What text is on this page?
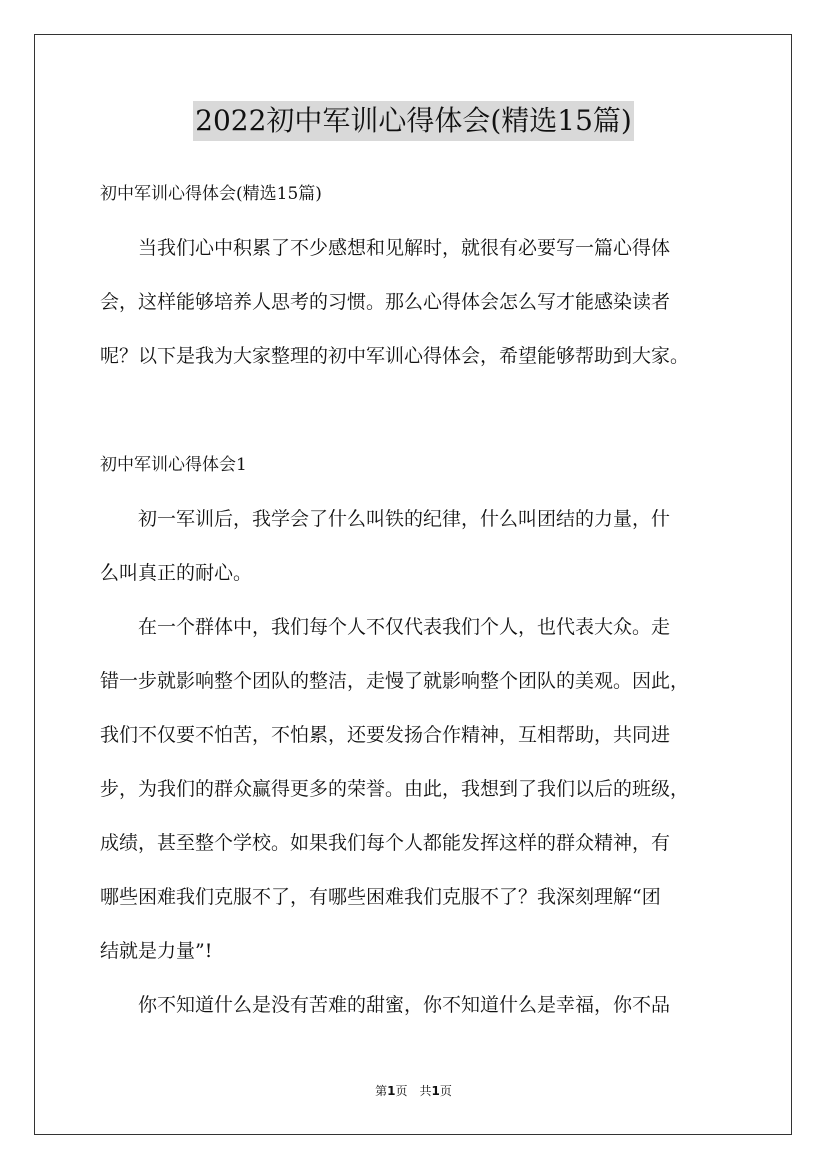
2022初中军训心得体会(精选15篇)
初中军训心得体会(精选15篇)
　　当我们心中积累了不少感想和见解时，就很有必要写一篇心得体
会，这样能够培养人思考的习惯。那么心得体会怎么写才能感染读者
呢？以下是我为大家整理的初中军训心得体会，希望能够帮助到大家。
初中军训心得体会1
　　初一军训后，我学会了什么叫铁的纪律，什么叫团结的力量，什
么叫真正的耐心。
　　在一个群体中，我们每个人不仅代表我们个人，也代表大众。走
错一步就影响整个团队的整洁，走慢了就影响整个团队的美观。因此，
我们不仅要不怕苦，不怕累，还要发扬合作精神，互相帮助，共同进
步，为我们的群众赢得更多的荣誉。由此，我想到了我们以后的班级，
成绩，甚至整个学校。如果我们每个人都能发挥这样的群众精神，有
哪些困难我们克服不了，有哪些困难我们克服不了？我深刻理解“团
结就是力量”!
　　你不知道什么是没有苦难的甜蜜，你不知道什么是幸福，你不品
第1页 共1页
